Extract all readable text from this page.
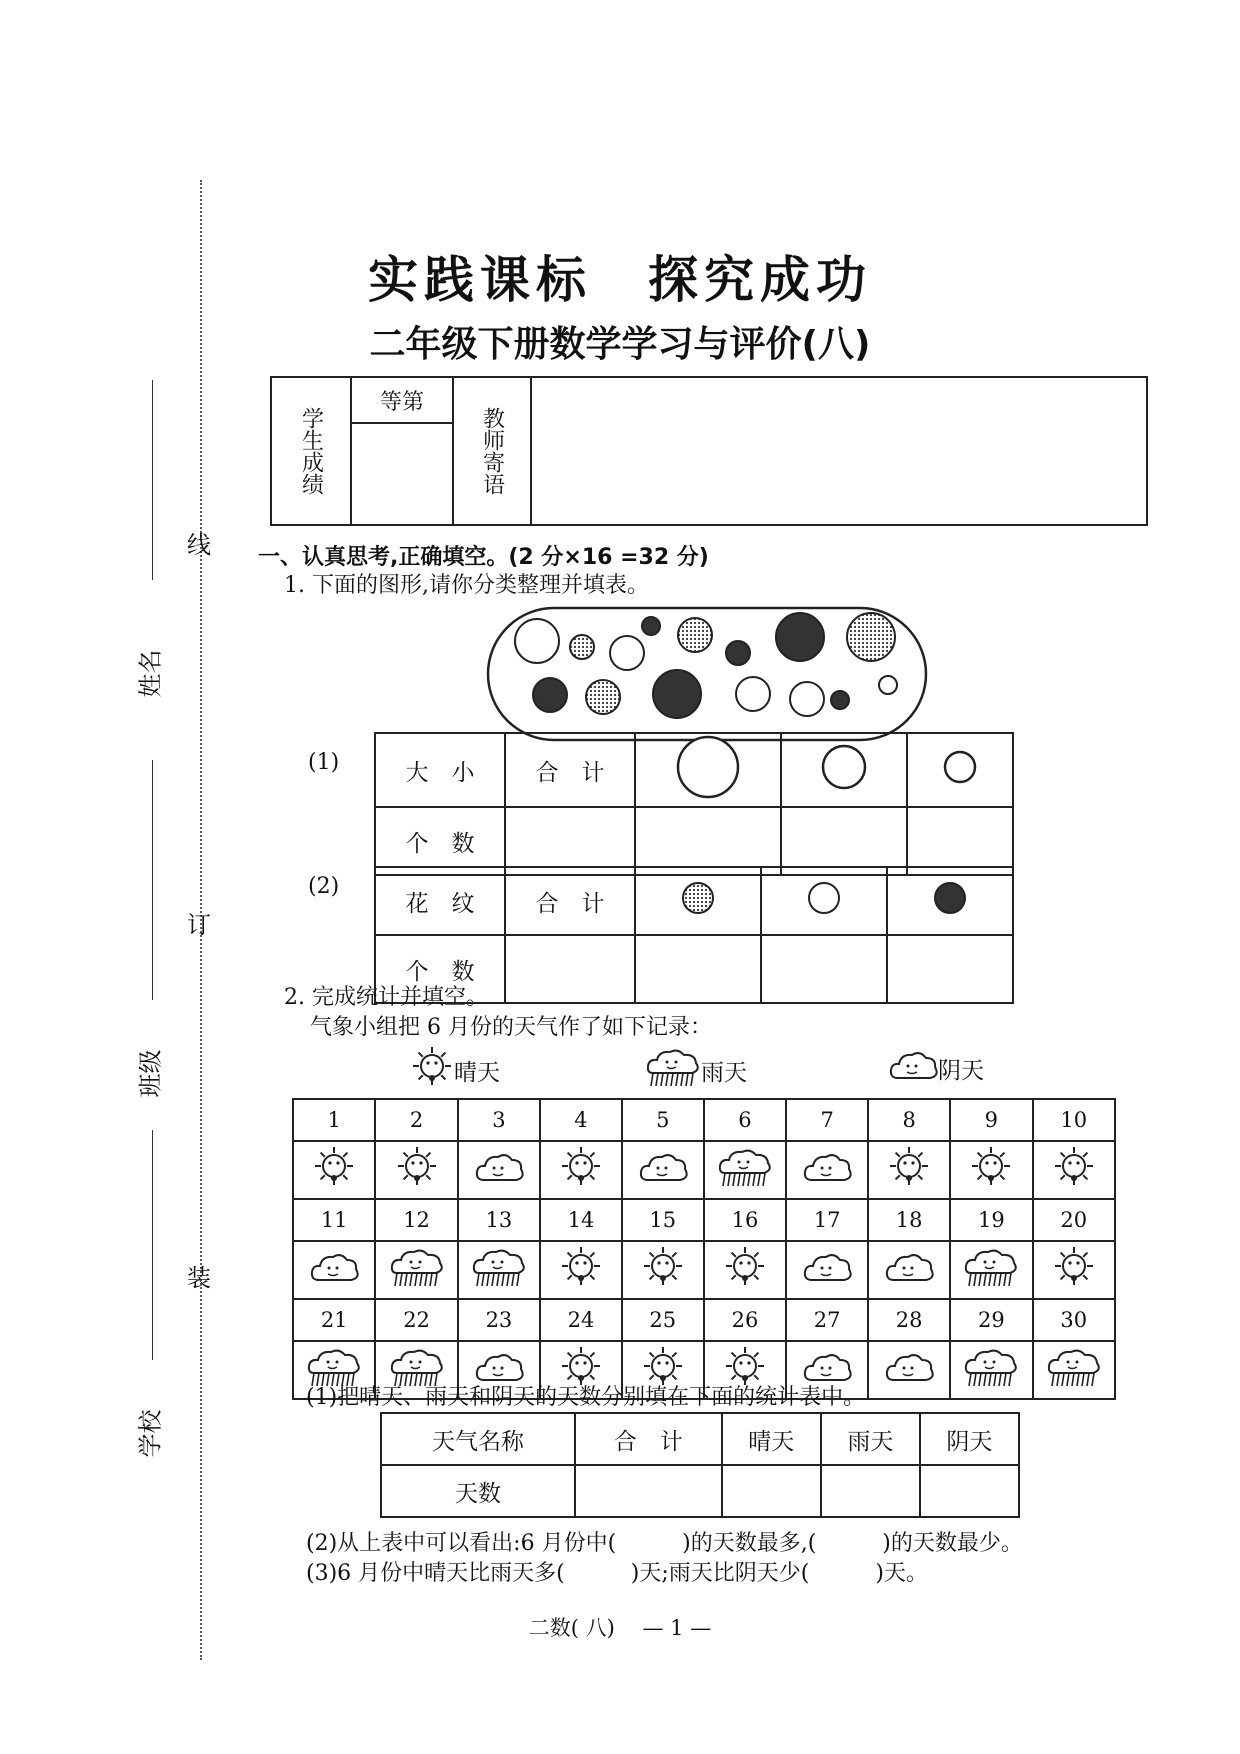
线
订
装
姓名
班级
学校
实践课标　探究成功
二年级下册数学学习与评价(八)
学生成绩	等第	教师寄语	

一、认真思考,正确填空。(2 分×16 =32 分)
1. 下面的图形,请你分类整理并填表。
(1)	大　小	合　计			
个　数				
(2)
花　纹	合　计			
个　数				
2. 完成统计并填空。
气象小组把 6 月份的天气作了如下记录：
晴天	雨天	阴天
1	2	3	4	5	6	7	8	9	10

11	12	13	14	15	16	17	18	19	20

21	22	23	24	25	26	27	28	29	30

(1)把晴天、雨天和阴天的天数分别填在下面的统计表中。
天气名称	合　计	晴天	雨天	阴天
天数				
(2)从上表中可以看出:6 月份中(　　　)的天数最多,(　　　)的天数最少。
(3)6 月份中晴天比雨天多(　　　)天;雨天比阴天少(　　　)天。
二数( 八)　 — 1 —
